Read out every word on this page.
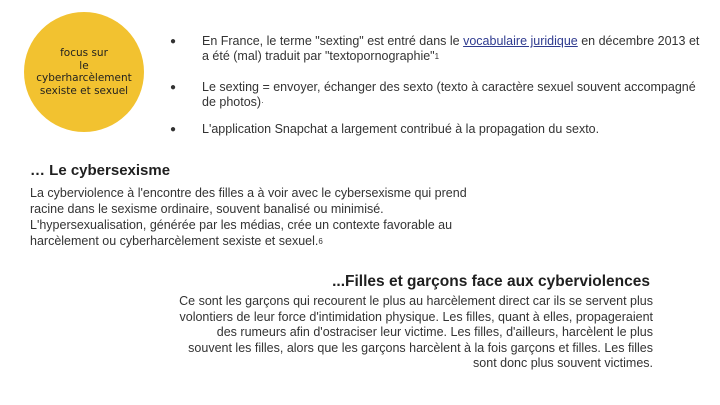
focus sur
le
cyberharcèlement
sexiste et sexuel
● En France, le terme "sexting" est entré dans le vocabulaire juridique en décembre 2013 et a été (mal) traduit par "textopornographie"1
● Le sexting = envoyer, échanger des sexto (texto à caractère sexuel souvent accompagné de photos)·
● L'application Snapchat a largement contribué à la propagation du sexto.
… Le cybersexisme

La cyberviolence à l'encontre des filles a à voir avec le cybersexisme qui prend racine dans le sexisme ordinaire, souvent banalisé ou minimisé. L'hypersexualisation, générée par les médias, crée un contexte favorable au harcèlement ou cyberharcèlement sexiste et sexuel.6

...Filles et garçons face aux cyberviolences

Ce sont les garçons qui recourent le plus au harcèlement direct car ils se servent plus volontiers de leur force d'intimidation physique. Les filles, quant à elles, propageraient des rumeurs afin d'ostraciser leur victime. Les filles, d'ailleurs, harcèlent le plus souvent les filles, alors que les garçons harcèlent à la fois garçons et filles. Les filles sont donc plus souvent victimes.
